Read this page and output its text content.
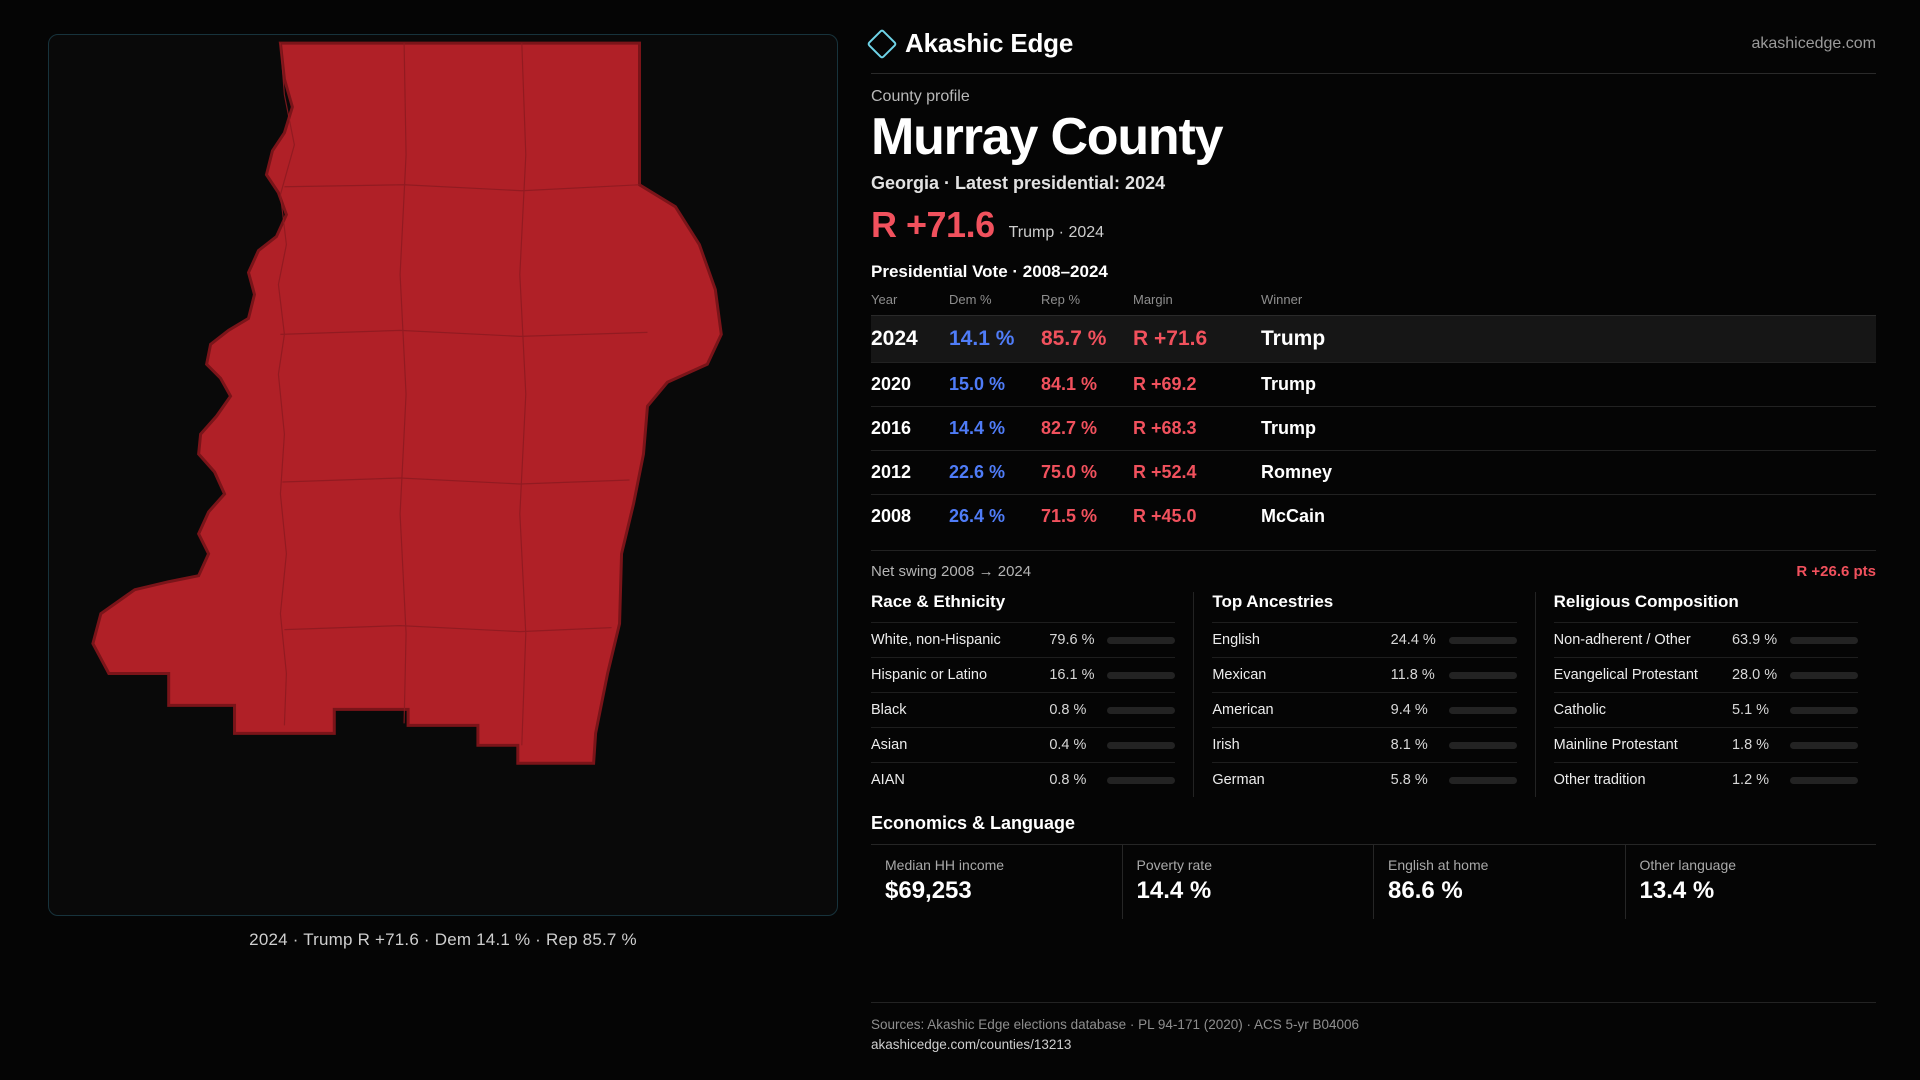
2024 · Trump R +71.6 · Dem 14.1 % · Rep 85.7 %
Akashic Edge	akashicedge.com
County profile
Murray County
Georgia · Latest presidential: 2024
R +71.6 Trump · 2024
Presidential Vote · 2008–2024
Year	Dem %	Rep %	Margin	Winner
2024	14.1 %	85.7 %	R +71.6	Trump
2020	15.0 %	84.1 %	R +69.2	Trump
2016	14.4 %	82.7 %	R +68.3	Trump
2012	22.6 %	75.0 %	R +52.4	Romney
2008	26.4 %	71.5 %	R +45.0	McCain
Net swing 2008 → 2024	R +26.6 pts
Race & Ethnicity
White, non-Hispanic	79.6 %
Hispanic or Latino	16.1 %
Black	0.8 %
Asian	0.4 %
AIAN	0.8 %
Top Ancestries
English	24.4 %
Mexican	11.8 %
American	9.4 %
Irish	8.1 %
German	5.8 %
Religious Composition
Non-adherent / Other	63.9 %
Evangelical Protestant	28.0 %
Catholic	5.1 %
Mainline Protestant	1.8 %
Other tradition	1.2 %
Economics & Language
Median HH income
$69,253
Poverty rate
14.4 %
English at home
86.6 %
Other language
13.4 %
Sources: Akashic Edge elections database · PL 94-171 (2020) · ACS 5-yr B04006
akashicedge.com/counties/13213
